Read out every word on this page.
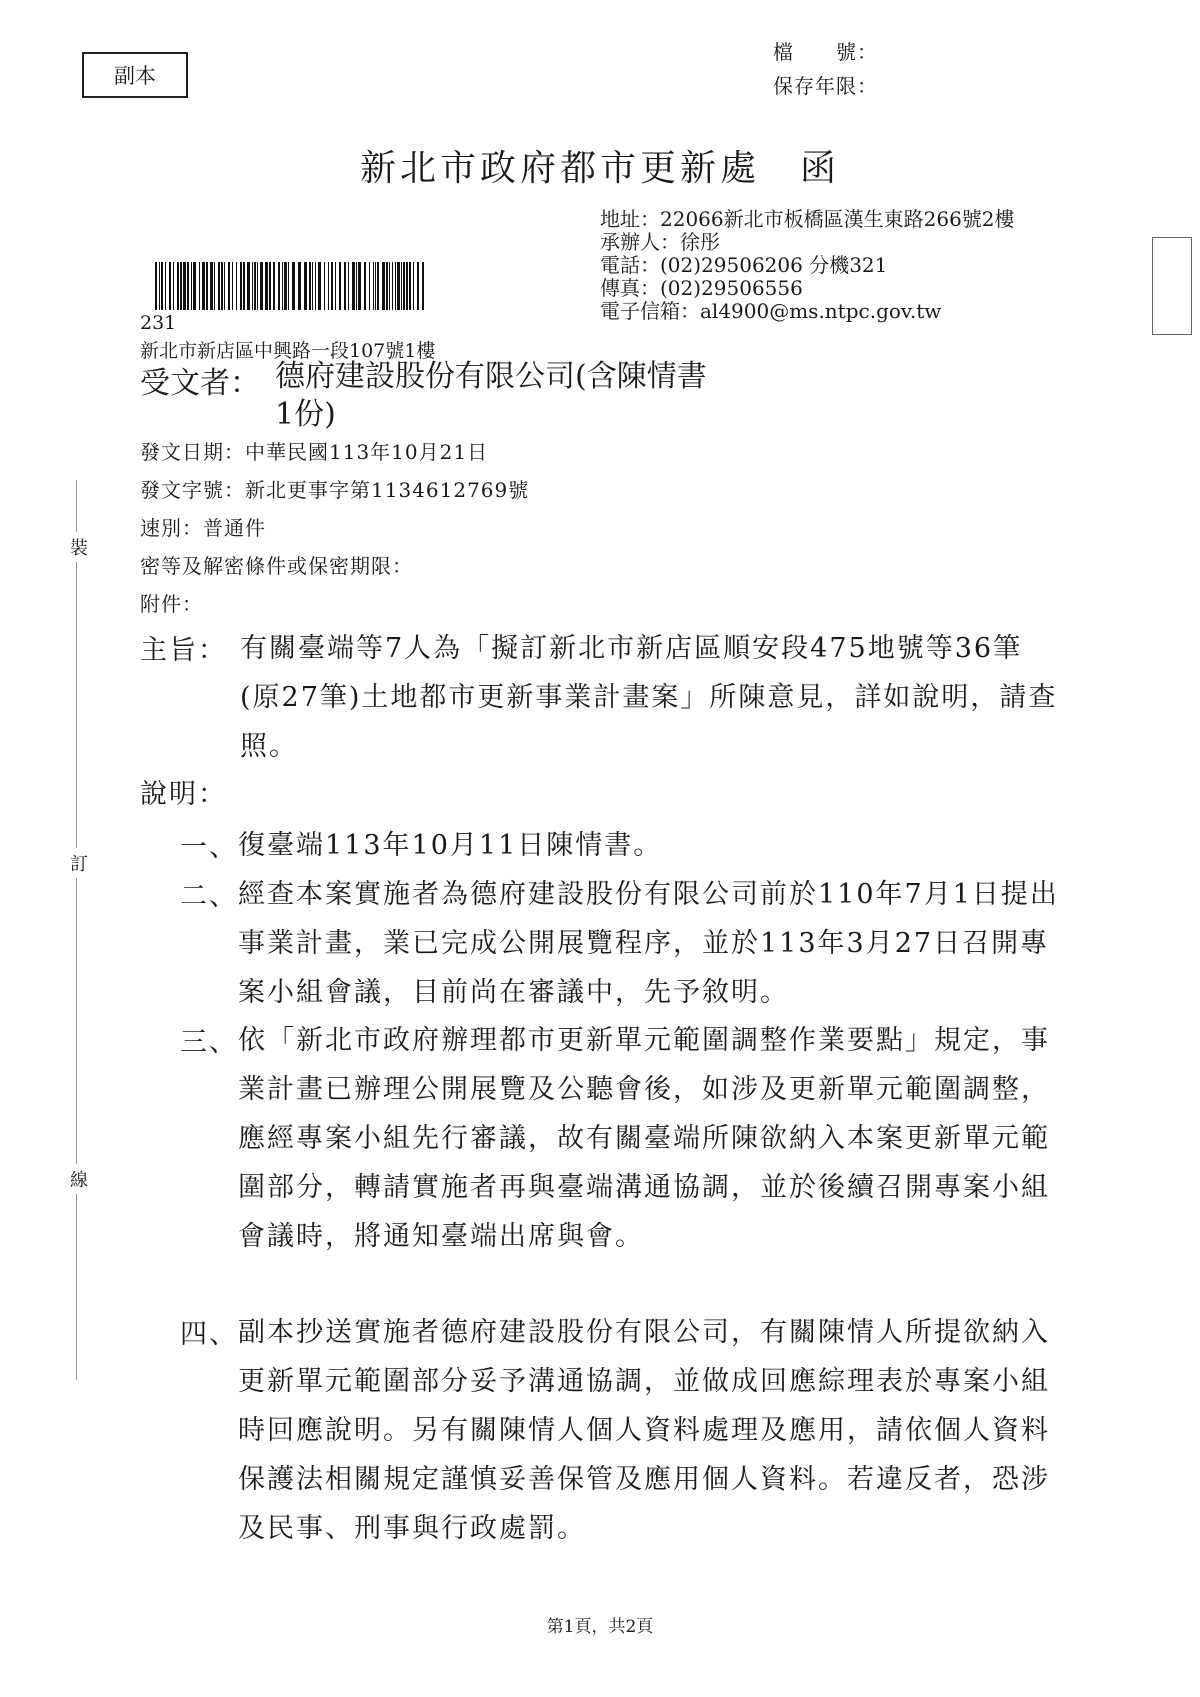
副本
檔　　號：
保存年限：
新北市政府都市更新處　函
地址：22066新北市板橋區漢生東路266號2樓
承辦人：徐彤
電話：(02)29506206 分機321
傳真：(02)29506556
電子信箱：al4900@ms.ntpc.gov.tw
231
新北市新店區中興路一段107號1樓
受文者： 德府建設股份有限公司(含陳情書1份)
發文日期：中華民國113年10月21日
發文字號：新北更事字第1134612769號
速別：普通件
密等及解密條件或保密期限：
附件：
主旨： 有關臺端等7人為「擬訂新北市新店區順安段475地號等36筆(原27筆)土地都市更新事業計畫案」所陳意見，詳如說明，請查照。
說明：
一、 復臺端113年10月11日陳情書。
二、 經查本案實施者為德府建設股份有限公司前於110年7月1日提出事業計畫，業已完成公開展覽程序，並於113年3月27日召開專案小組會議，目前尚在審議中，先予敘明。
三、 依「新北市政府辦理都市更新單元範圍調整作業要點」規定，事業計畫已辦理公開展覽及公聽會後，如涉及更新單元範圍調整，應經專案小組先行審議，故有關臺端所陳欲納入本案更新單元範圍部分，轉請實施者再與臺端溝通協調，並於後續召開專案小組會議時，將通知臺端出席與會。
四、 副本抄送實施者德府建設股份有限公司，有關陳情人所提欲納入更新單元範圍部分妥予溝通協調，並做成回應綜理表於專案小組時回應說明。另有關陳情人個人資料處理及應用，請依個人資料保護法相關規定謹慎妥善保管及應用個人資料。若違反者，恐涉及民事、刑事與行政處罰。
裝
訂
線
第1頁，共2頁
